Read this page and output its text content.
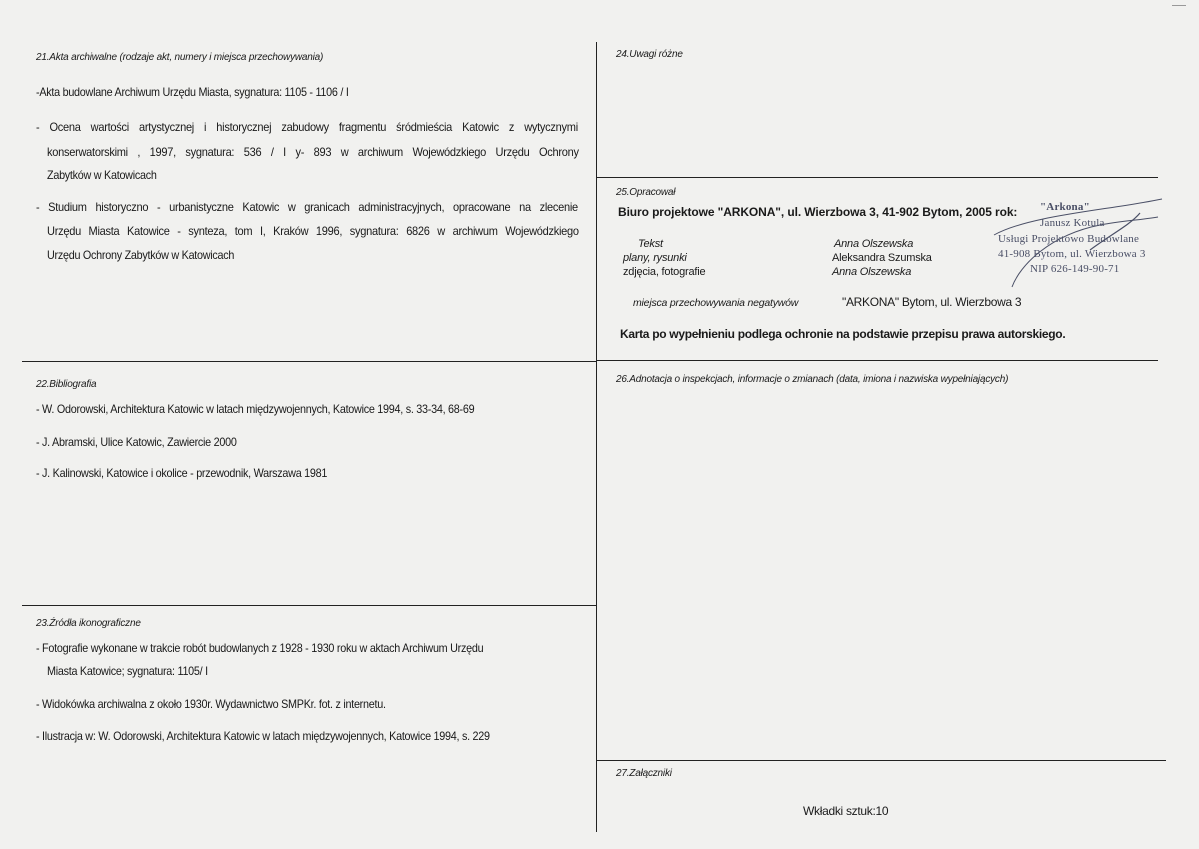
21.Akta archiwalne (rodzaje akt, numery i miejsca przechowywania)
-Akta budowlane Archiwum Urzędu Miasta, sygnatura: 1105 - 1106 / I
- Ocena wartości artystycznej i historycznej zabudowy fragmentu śródmieścia Katowic z wytycznymi
konserwatorskimi , 1997, sygnatura: 536 / I y- 893 w archiwum Wojewódzkiego Urzędu Ochrony
Zabytków w Katowicach
- Studium historyczno - urbanistyczne Katowic w granicach administracyjnych, opracowane na zlecenie
Urzędu Miasta Katowice - synteza, tom I, Kraków 1996, sygnatura: 6826 w archiwum Wojewódzkiego
Urzędu Ochrony Zabytków w Katowicach
22.Bibliografia
- W. Odorowski, Architektura Katowic w latach międzywojennych, Katowice 1994, s. 33-34, 68-69
- J. Abramski, Ulice Katowic, Zawiercie 2000
- J. Kalinowski, Katowice i okolice - przewodnik, Warszawa 1981
23.Źródła ikonograficzne
- Fotografie wykonane w trakcie robót budowlanych z 1928 - 1930 roku w aktach Archiwum Urzędu
Miasta Katowice; sygnatura: 1105/ I
- Widokówka archiwalna z około 1930r. Wydawnictwo SMPKr. fot. z internetu.
- Ilustracja w: W. Odorowski, Architektura Katowic w latach międzywojennych, Katowice 1994, s. 229
24.Uwagi różne
25.Opracował
Biuro projektowe "ARKONA", ul. Wierzbowa 3, 41-902 Bytom, 2005 rok:
Tekst
plany, rysunki
zdjęcia, fotografie
Anna Olszewska
Aleksandra Szumska
Anna Olszewska
miejsca przechowywania negatywów	"ARKONA" Bytom, ul. Wierzbowa 3
Karta po wypełnieniu podlega ochronie na podstawie przepisu prawa autorskiego.
"Arkona"
Janusz Kotula
Usługi Projektowo Budowlane
41-908 Bytom, ul. Wierzbowa 3
NIP 626-149-90-71
26.Adnotacja o inspekcjach, informacje o zmianach (data, imiona i nazwiska wypełniających)
27.Załączniki
Wkładki sztuk:10
